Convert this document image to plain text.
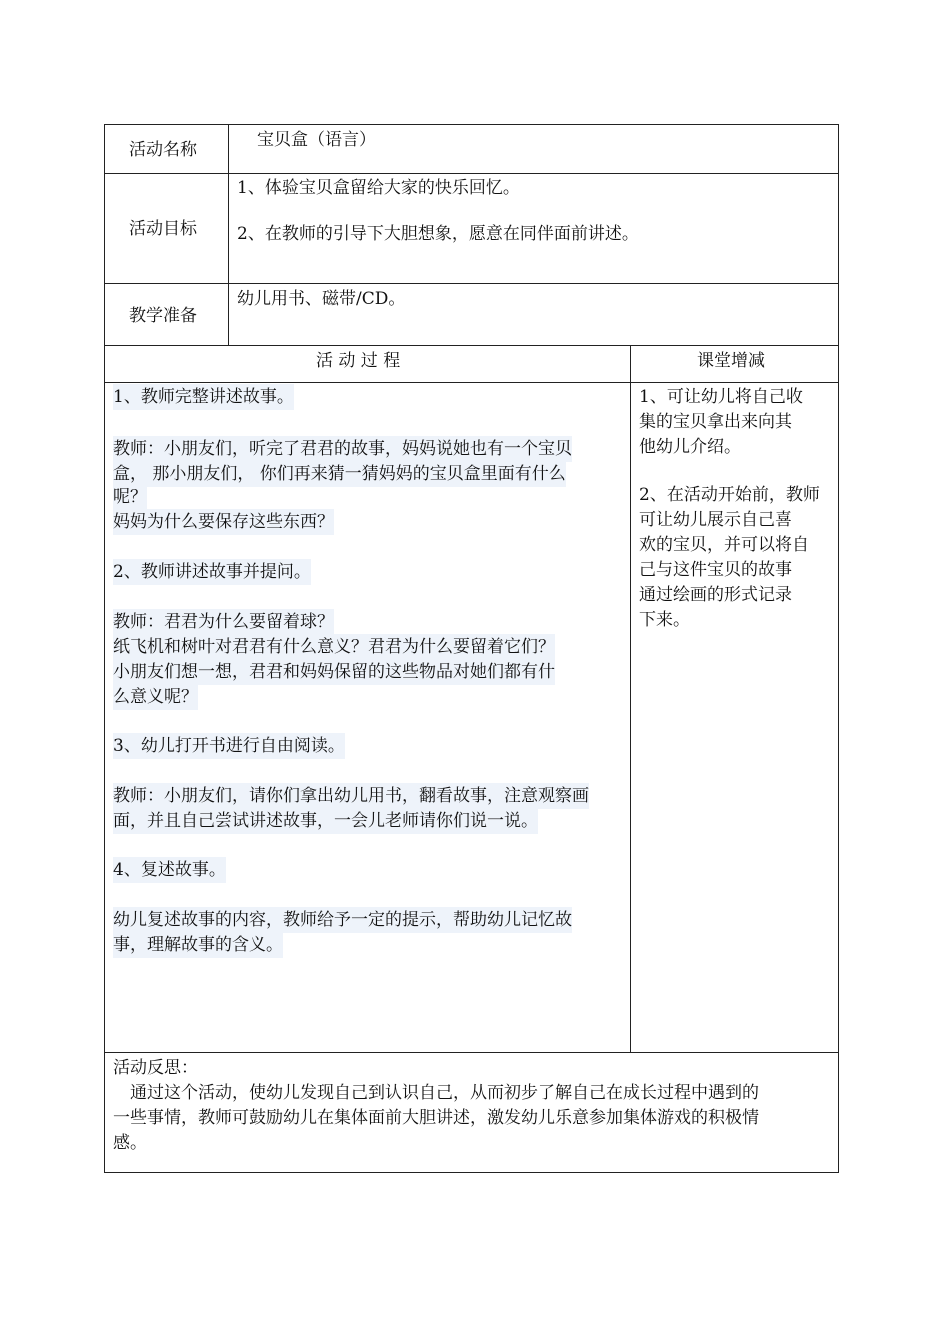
活动名称	宝贝盒（语言）
活动目标
1、体验宝贝盒留给大家的快乐回忆。
2、在教师的引导下大胆想象，愿意在同伴面前讲述。
教学准备
幼儿用书、磁带/CD。
活 动 过 程	课堂增减
1、教师完整讲述故事。
教师：小朋友们，听完了君君的故事，妈妈说她也有一个宝贝
盒， 那小朋友们， 你们再来猜一猜妈妈的宝贝盒里面有什么
呢？
妈妈为什么要保存这些东西？
2、教师讲述故事并提问。
教师：君君为什么要留着球？
纸飞机和树叶对君君有什么意义？君君为什么要留着它们？
小朋友们想一想，君君和妈妈保留的这些物品对她们都有什
么意义呢？
3、幼儿打开书进行自由阅读。
教师：小朋友们，请你们拿出幼儿用书，翻看故事，注意观察画
面，并且自己尝试讲述故事，一会儿老师请你们说一说。
4、复述故事。
幼儿复述故事的内容，教师给予一定的提示，帮助幼儿记忆故
事，理解故事的含义。
1、可让幼儿将自己收
集的宝贝拿出来向其
他幼儿介绍。
2、在活动开始前，教师
可让幼儿展示自己喜
欢的宝贝，并可以将自
己与这件宝贝的故事
通过绘画的形式记录
下来。
活动反思：
通过这个活动，使幼儿发现自己到认识自己，从而初步了解自己在成长过程中遇到的
一些事情，教师可鼓励幼儿在集体面前大胆讲述，激发幼儿乐意参加集体游戏的积极情
感。
